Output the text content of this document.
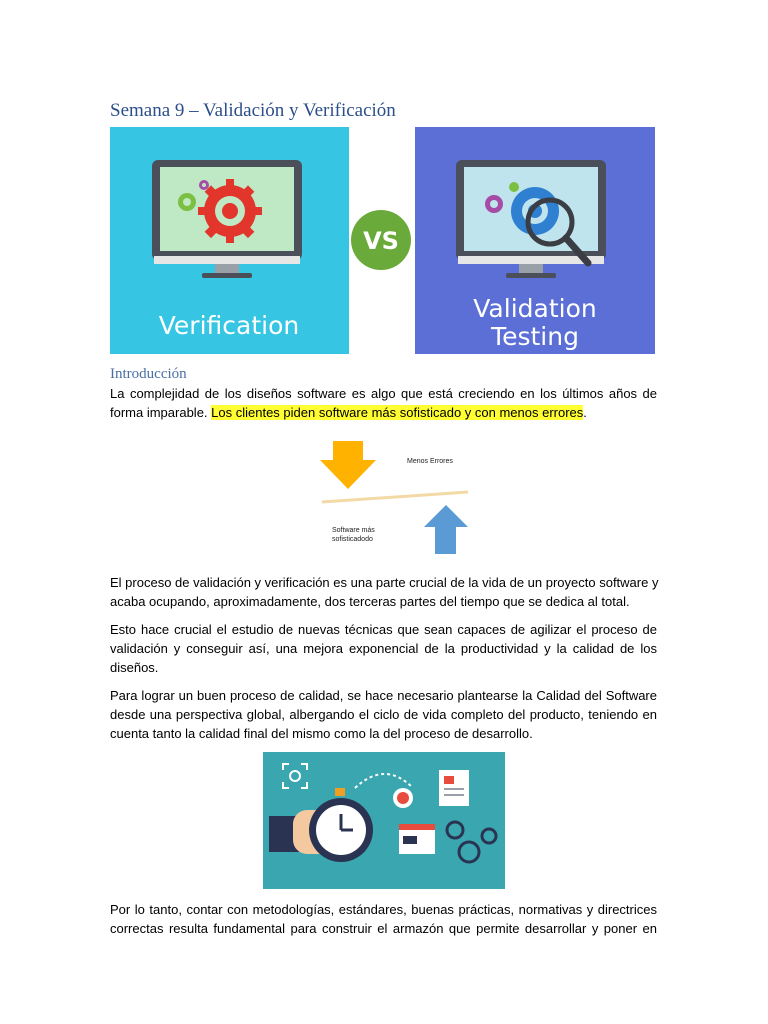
Semana 9 – Validación y Verificación
Verification
VS
Validation
Testing
Introducción

La complejidad de los diseños software es algo que está creciendo en los últimos años de
forma imparable. Los clientes piden software más sofisticado y con menos errores.

Menos Errores
Software más
sofisticadodo

El proceso de validación y verificación es una parte crucial de la vida de un proyecto software y
acaba ocupando, aproximadamente, dos terceras partes del tiempo que se dedica al total.

Esto hace crucial el estudio de nuevas técnicas que sean capaces de agilizar el proceso de
validación y conseguir así, una mejora exponencial de la productividad y la calidad de los
diseños.

Para lograr un buen proceso de calidad, se hace necesario plantearse la Calidad del Software
desde una perspectiva global, albergando el ciclo de vida completo del producto, teniendo en
cuenta tanto la calidad final del mismo como la del proceso de desarrollo.

Por lo tanto, contar con metodologías, estándares, buenas prácticas, normativas y directrices
correctas resulta fundamental para construir el armazón que permite desarrollar y poner en
